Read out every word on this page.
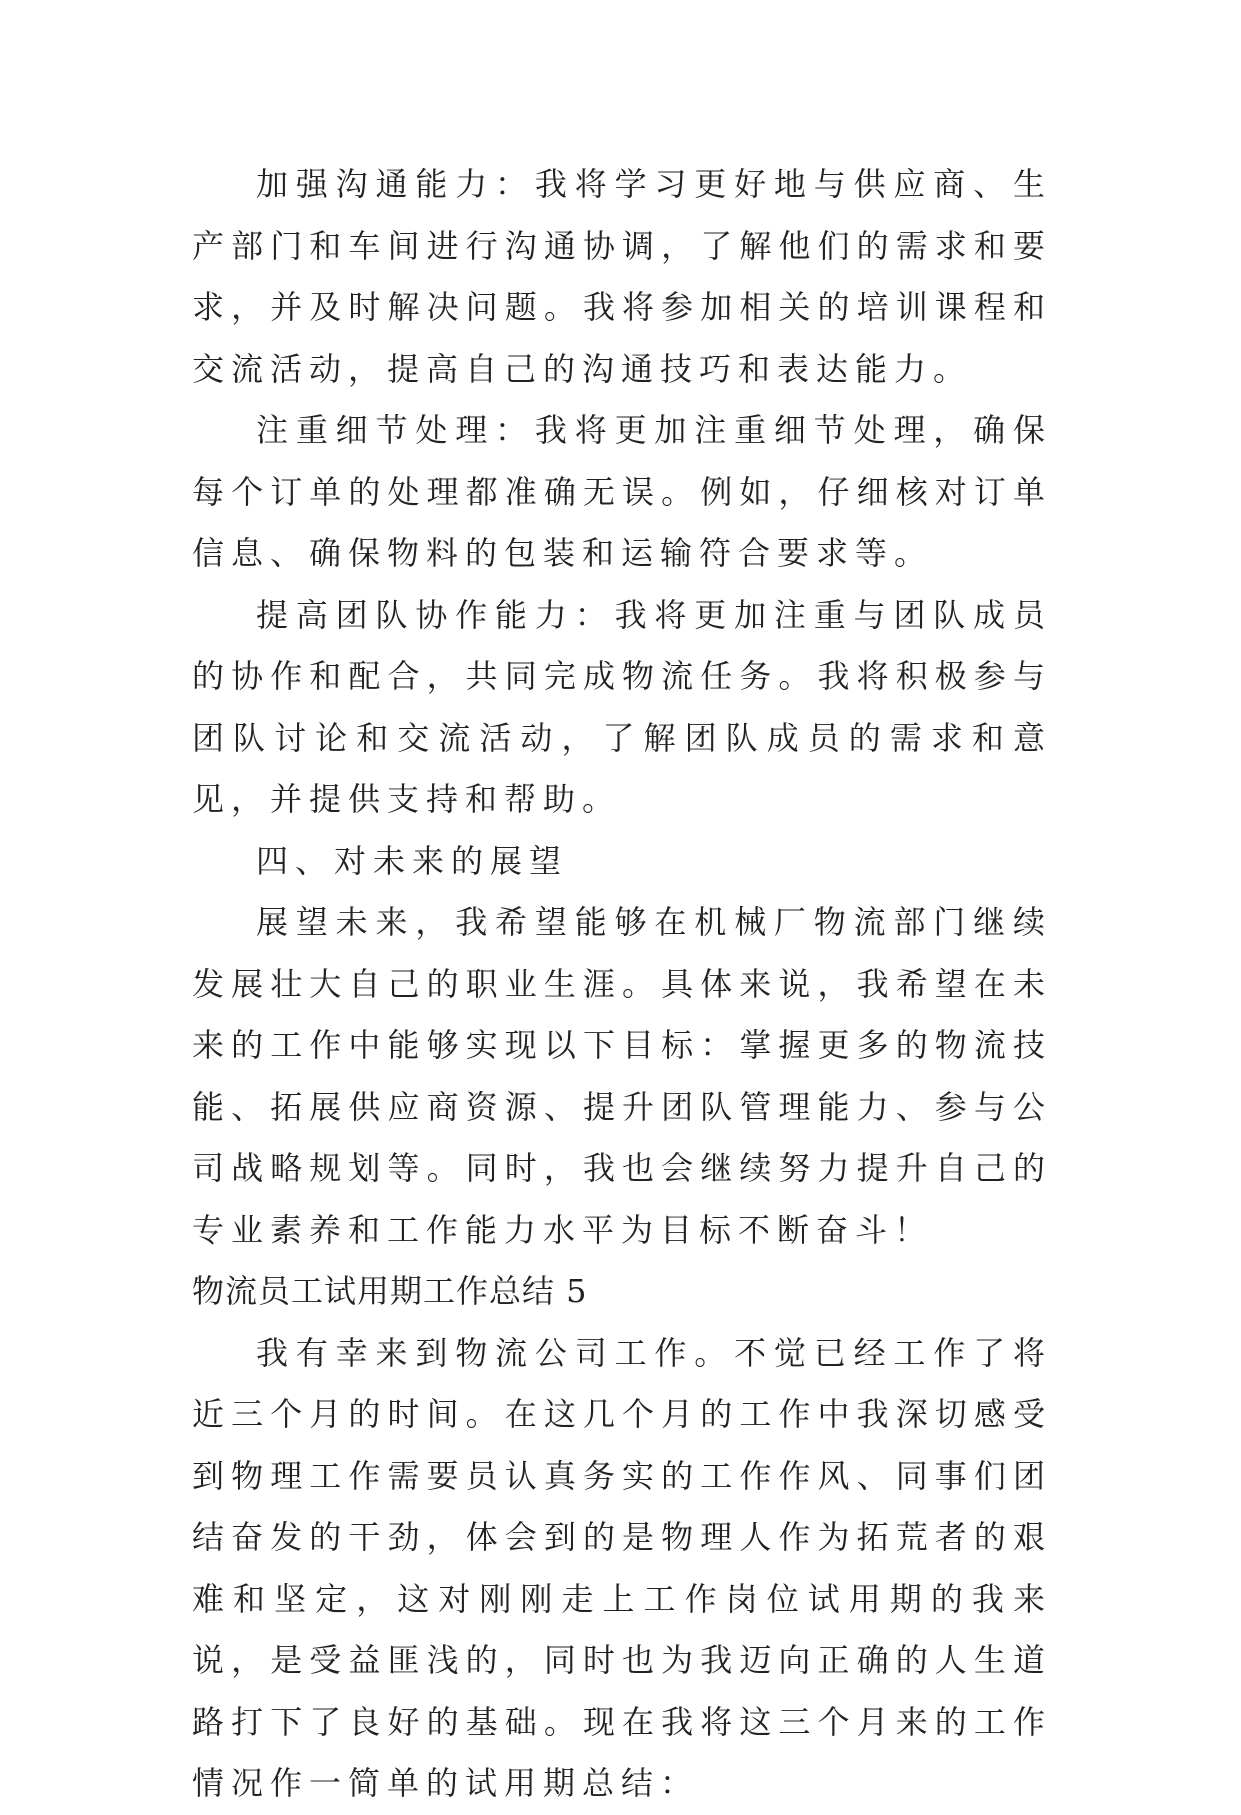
加强沟通能力：我将学习更好地与供应商、生产部门和车间进行沟通协调，了解他们的需求和要求，并及时解决问题。我将参加相关的培训课程和交流活动，提高自己的沟通技巧和表达能力。

注重细节处理：我将更加注重细节处理，确保每个订单的处理都准确无误。例如，仔细核对订单信息、确保物料的包装和运输符合要求等。

提高团队协作能力：我将更加注重与团队成员的协作和配合，共同完成物流任务。我将积极参与团队讨论和交流活动，了解团队成员的需求和意见，并提供支持和帮助。

四、对未来的展望

展望未来，我希望能够在机械厂物流部门继续发展壮大自己的职业生涯。具体来说，我希望在未来的工作中能够实现以下目标：掌握更多的物流技能、拓展供应商资源、提升团队管理能力、参与公司战略规划等。同时，我也会继续努力提升自己的专业素养和工作能力水平为目标不断奋斗！

物流员工试用期工作总结 5

我有幸来到物流公司工作。不觉已经工作了将近三个月的时间。在这几个月的工作中我深切感受到物理工作需要员认真务实的工作作风、同事们团结奋发的干劲，体会到的是物理人作为拓荒者的艰难和坚定，这对刚刚走上工作岗位试用期的我来说，是受益匪浅的，同时也为我迈向正确的人生道路打下了良好的基础。现在我将这三个月来的工作情况作一简单的试用期总结：
